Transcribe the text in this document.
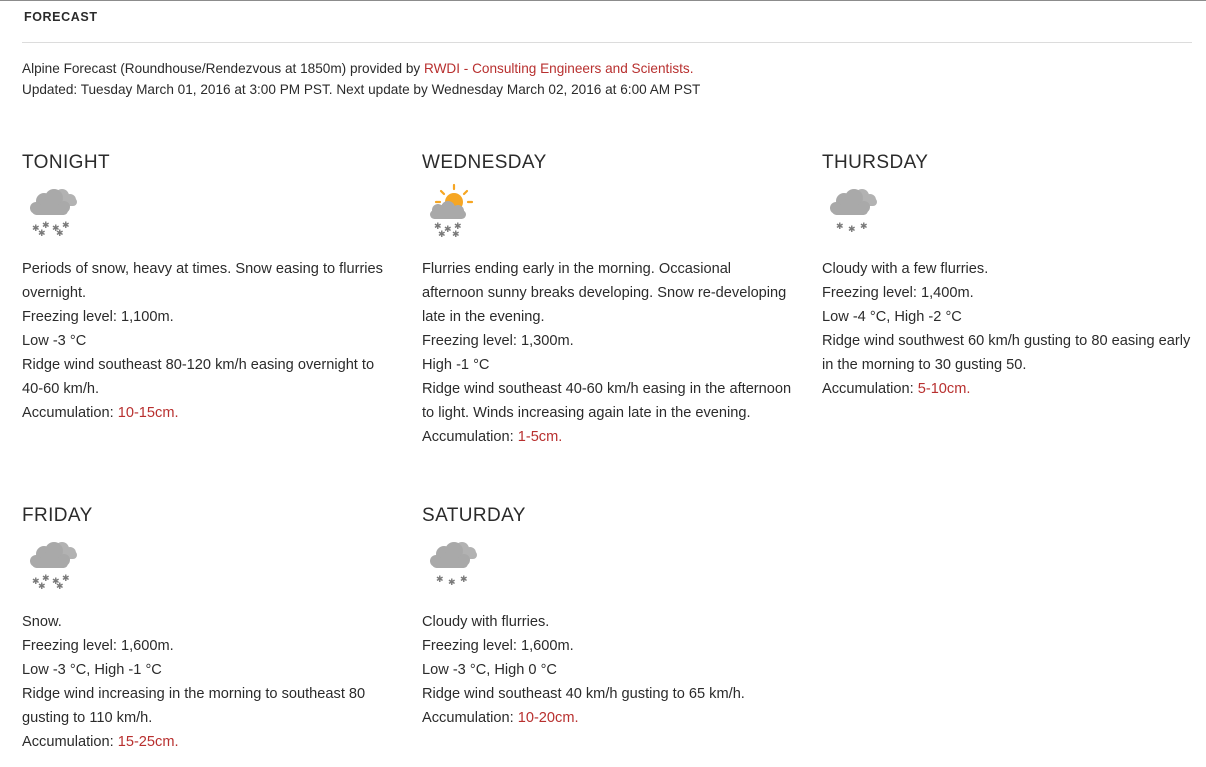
FORECAST
Alpine Forecast (Roundhouse/Rendezvous at 1850m) provided by RWDI - Consulting Engineers and Scientists.
Updated: Tuesday March 01, 2016 at 3:00 PM PST. Next update by Wednesday March 02, 2016 at 6:00 AM PST
TONIGHT
✱ ✱ ✱ ✱
✱ ✱
Periods of snow, heavy at times. Snow easing to flurries overnight.
Freezing level: 1,100m.
Low -3 °C
Ridge wind southeast 80-120 km/h easing overnight to 40-60 km/h.
Accumulation: 10-15cm.
WEDNESDAY
✱ ✱ ✱
✱ ✱
Flurries ending early in the morning. Occasional afternoon sunny breaks developing. Snow re-developing late in the evening.
Freezing level: 1,300m.
High -1 °C
Ridge wind southeast 40-60 km/h easing in the afternoon to light. Winds increasing again late in the evening.
Accumulation: 1-5cm.
THURSDAY
✱ ✱ ✱
Cloudy with a few flurries.
Freezing level: 1,400m.
Low -4 °C, High -2 °C
Ridge wind southwest 60 km/h gusting to 80 easing early in the morning to 30 gusting 50.
Accumulation: 5-10cm.
FRIDAY
✱ ✱ ✱ ✱
✱ ✱
Snow.
Freezing level: 1,600m.
Low -3 °C, High -1 °C
Ridge wind increasing in the morning to southeast 80 gusting to 110 km/h.
Accumulation: 15-25cm.
SATURDAY
✱ ✱ ✱
Cloudy with flurries.
Freezing level: 1,600m.
Low -3 °C, High 0 °C
Ridge wind southeast 40 km/h gusting to 65 km/h.
Accumulation: 10-20cm.
